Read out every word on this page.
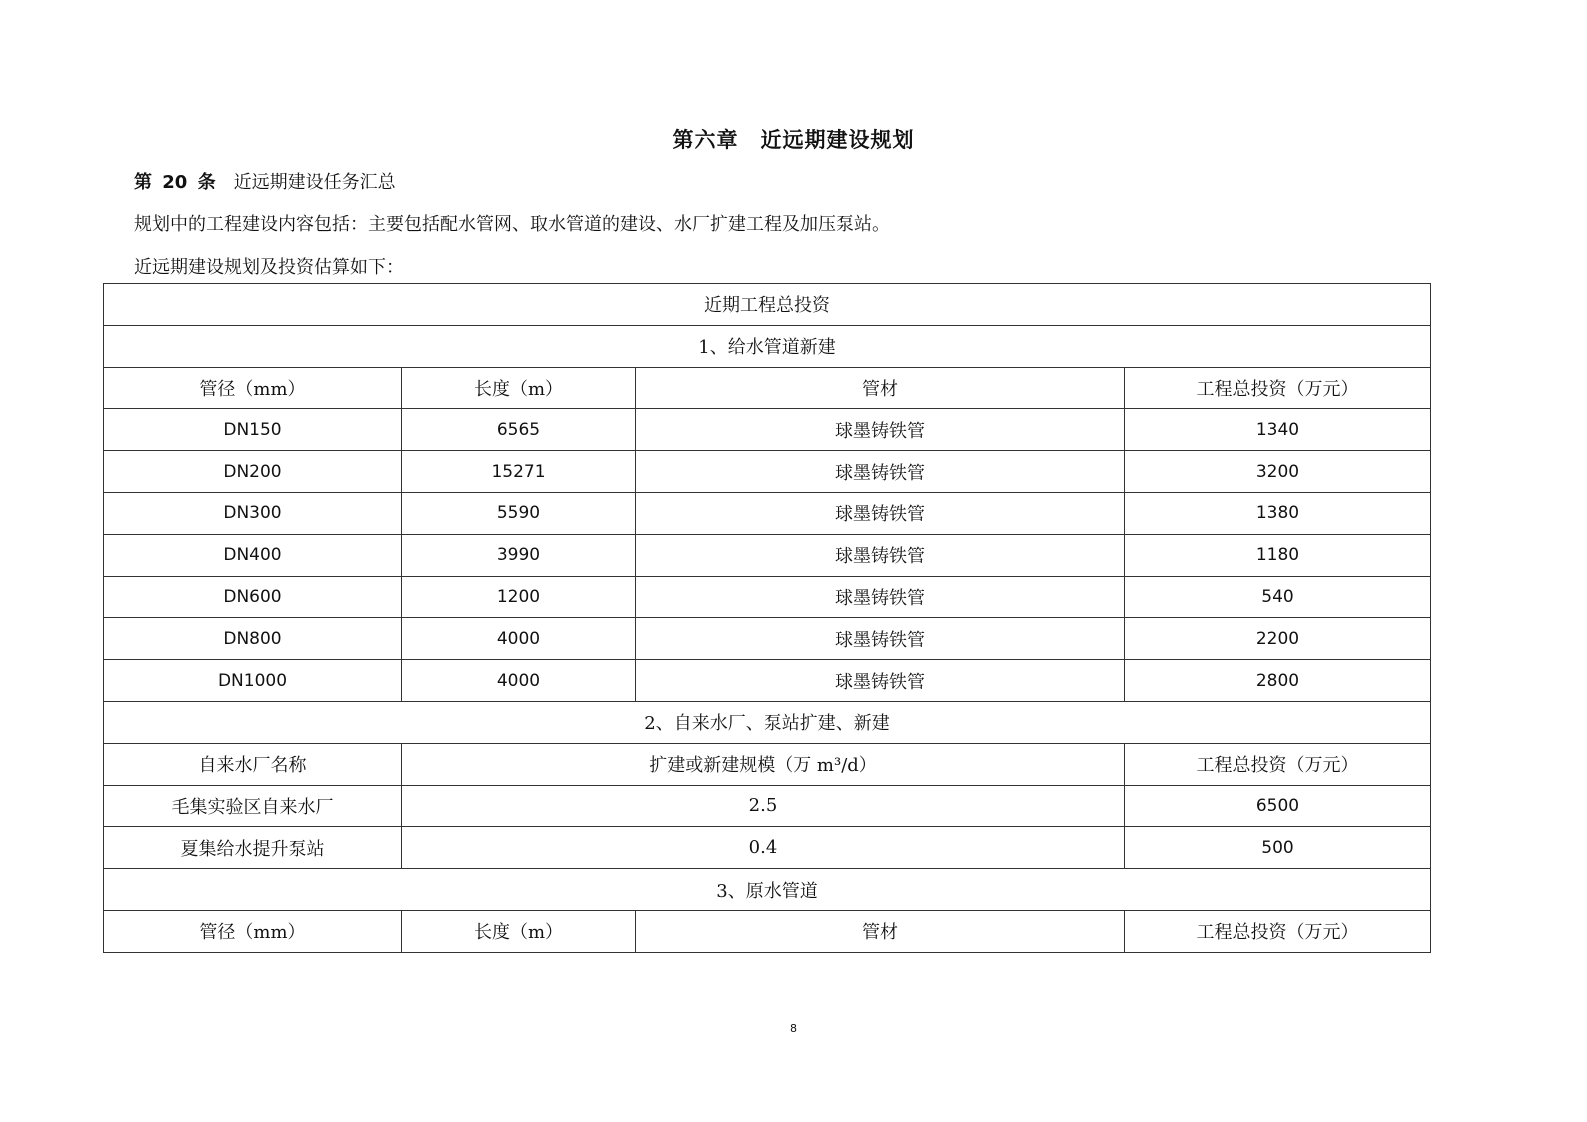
第六章　近远期建设规划
第 20 条 近远期建设任务汇总
规划中的工程建设内容包括：主要包括配水管网、取水管道的建设、水厂扩建工程及加压泵站。
近远期建设规划及投资估算如下：
近期工程总投资			
1、给水管道新建			
管径（mm）	长度（m）	管材	工程总投资（万元）
DN150	6565	球墨铸铁管	1340
DN200	15271	球墨铸铁管	3200
DN300	5590	球墨铸铁管	1380
DN400	3990	球墨铸铁管	1180
DN600	1200	球墨铸铁管	540
DN800	4000	球墨铸铁管	2200
DN1000	4000	球墨铸铁管	2800
2、自来水厂、泵站扩建、新建			
自来水厂名称	扩建或新建规模（万 m³/d）		工程总投资（万元）
毛集实验区自来水厂	2.5		6500
夏集给水提升泵站	0.4		500
3、原水管道			
管径（mm）	长度（m）	管材	工程总投资（万元）
8
